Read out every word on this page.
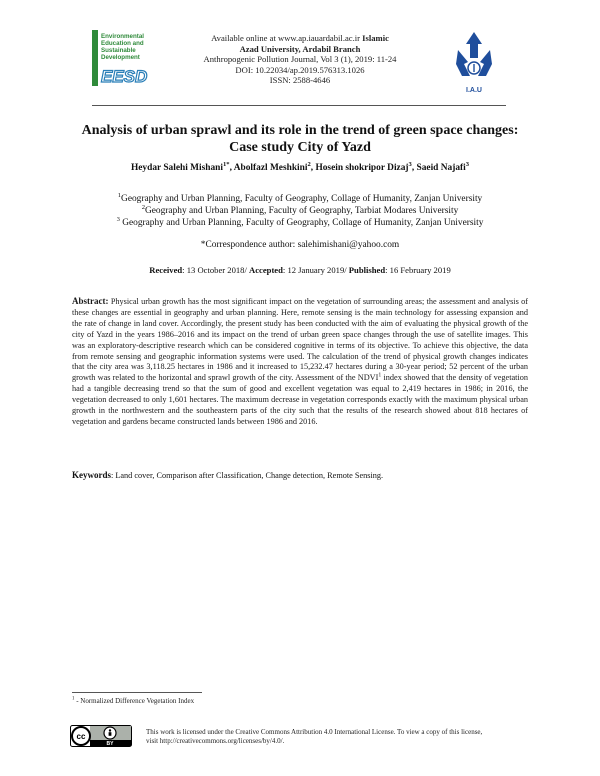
Environmental
Education and
Sustainable
Development
EESD
Available online at www.ap.iauardabil.ac.ir Islamic
Azad University, Ardabil Branch
Anthropogenic Pollution Journal, Vol 3 (1), 2019: 11-24
DOI: 10.22034/ap.2019.576313.1026
ISSN: 2588-4646
I.A.U
Analysis of urban sprawl and its role in the trend of green space changes:
Case study City of Yazd
Heydar Salehi Mishani$^{1*}$, Abolfazl Meshkini$^2$, Hosein shokripor Dizaj$^3$, Saeid Najafi$^3$
$^1$Geography and Urban Planning, Faculty of Geography, Collage of Humanity, Zanjan University
$^2$Geography and Urban Planning, Faculty of Geography, Tarbiat Modares University
$^3$ Geography and Urban Planning, Faculty of Geography, Collage of Humanity, Zanjan University
*Correspondence author: salehimishani@yahoo.com
Received: 13 October 2018/ Accepted: 12 January 2019/ Published: 16 February 2019
Abstract: Physical urban growth has the most significant impact on the vegetation of surrounding areas; the assessment and analysis of these changes are essential in geography and urban planning. Here, remote sensing is the main technology for assessing expansion and the rate of change in land cover. Accordingly, the present study has been conducted with the aim of evaluating the physical growth of the city of Yazd in the years 1986–2016 and its impact on the trend of urban green space changes through the use of satellite images. This was an exploratory-descriptive research which can be considered cognitive in terms of its objective. To achieve this objective, the data from remote sensing and geographic information systems were used. The calculation of the trend of physical growth changes indicates that the city area was 3,118.25 hectares in 1986 and it increased to 15,232.47 hectares during a 30-year period; 52 percent of the urban growth was related to the horizontal and sprawl growth of the city. Assessment of the NDVI$^1$ index showed that the density of vegetation had a tangible decreasing trend so that the sum of good and excellent vegetation was equal to 2,419 hectares in 1986; in 2016, the vegetation decreased to only 1,601 hectares. The maximum decrease in vegetation corresponds exactly with the maximum physical urban growth in the northwestern and the southeastern parts of the city such that the results of the research showed about 818 hectares of vegetation and gardens became constructed lands between 1986 and 2016.
Keywords: Land cover, Comparison after Classification, Change detection, Remote Sensing.
$^1$ - Normalized Difference Vegetation Index
cc
BY
This work is licensed under the Creative Commons Attribution 4.0 International License. To view a copy of this license,
visit http://creativecommons.org/licenses/by/4.0/.
